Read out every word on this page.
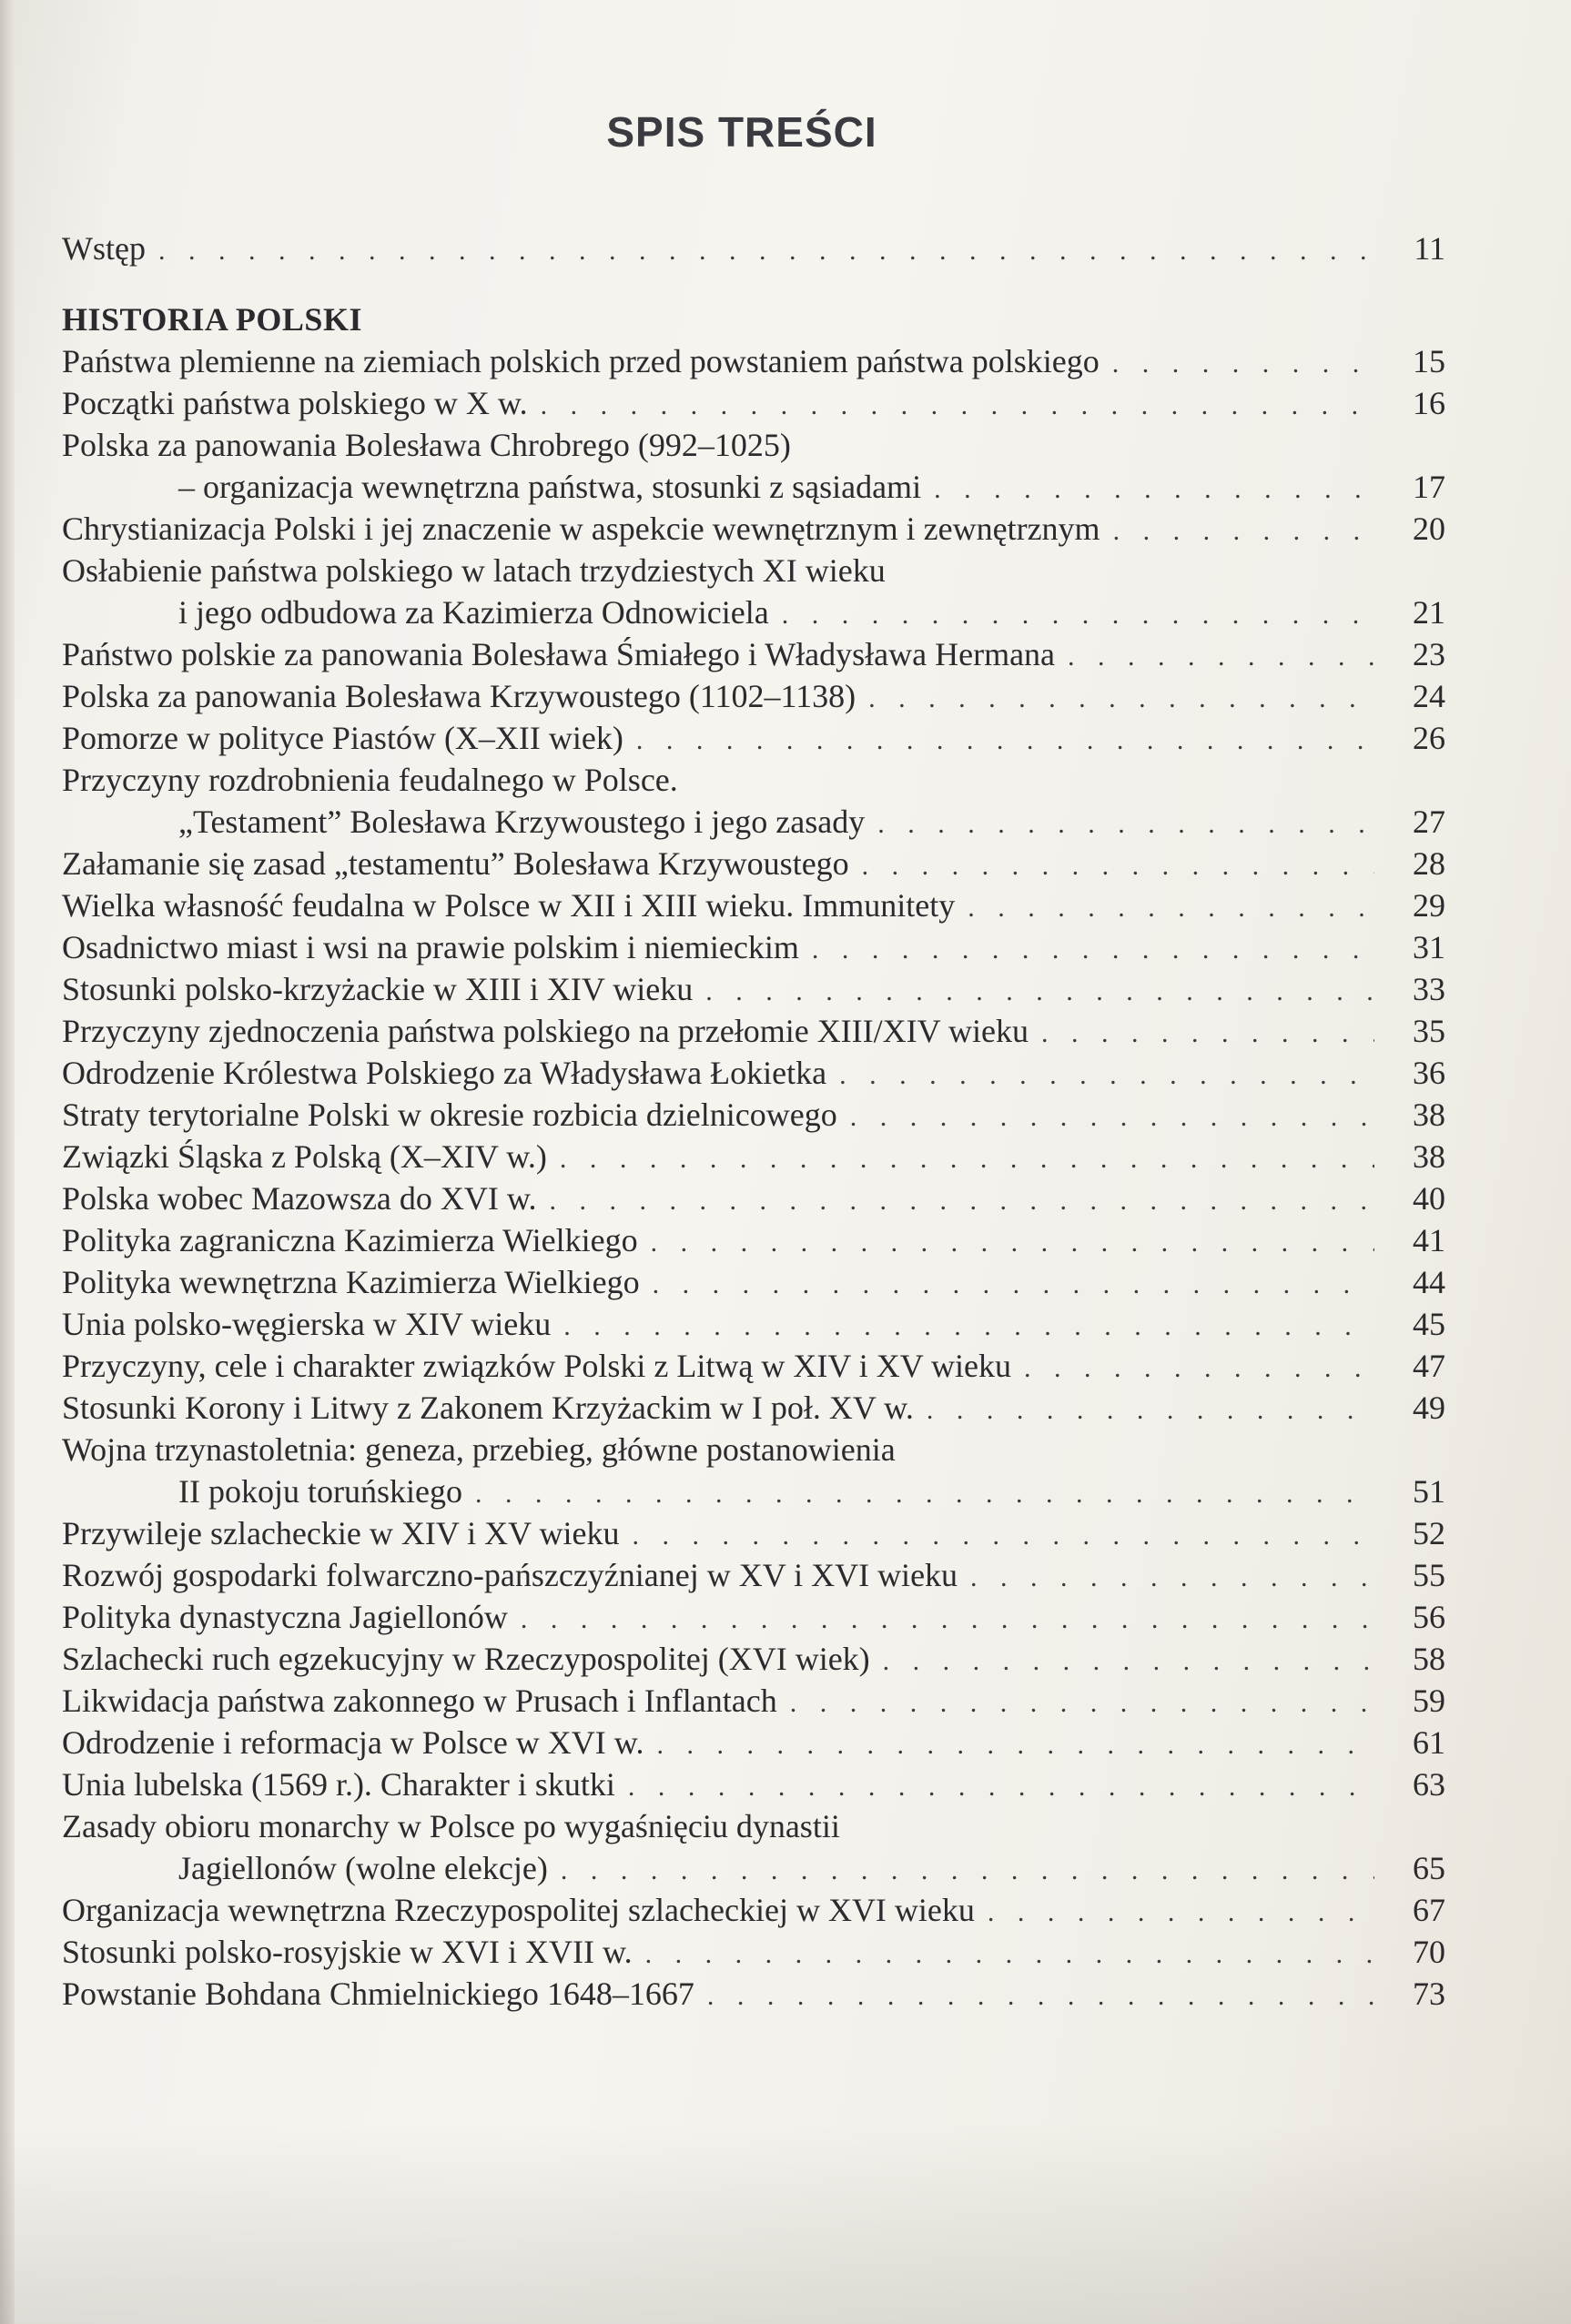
SPIS TREŚCI
Wstęp . . .	11
HISTORIA POLSKI
Państwa plemienne na ziemiach polskich przed powstaniem państwa polskiego . . .	15
Początki państwa polskiego w X w. . . .	16
Polska za panowania Bolesława Chrobrego (992–1025)
– organizacja wewnętrzna państwa, stosunki z sąsiadami . . .	17
Chrystianizacja Polski i jej znaczenie w aspekcie wewnętrznym i zewnętrznym . . .	20
Osłabienie państwa polskiego w latach trzydziestych XI wieku
i jego odbudowa za Kazimierza Odnowiciela . . .	21
Państwo polskie za panowania Bolesława Śmiałego i Władysława Hermana . . .	23
Polska za panowania Bolesława Krzywoustego (1102–1138) . . .	24
Pomorze w polityce Piastów (X–XII wiek) . . .	26
Przyczyny rozdrobnienia feudalnego w Polsce.
„Testament” Bolesława Krzywoustego i jego zasady . . .	27
Załamanie się zasad „testamentu” Bolesława Krzywoustego . . .	28
Wielka własność feudalna w Polsce w XII i XIII wieku. Immunitety . . .	29
Osadnictwo miast i wsi na prawie polskim i niemieckim . . .	31
Stosunki polsko-krzyżackie w XIII i XIV wieku . . .	33
Przyczyny zjednoczenia państwa polskiego na przełomie XIII/XIV wieku . . .	35
Odrodzenie Królestwa Polskiego za Władysława Łokietka . . .	36
Straty terytorialne Polski w okresie rozbicia dzielnicowego . . .	38
Związki Śląska z Polską (X–XIV w.) . . .	38
Polska wobec Mazowsza do XVI w. . . .	40
Polityka zagraniczna Kazimierza Wielkiego . . .	41
Polityka wewnętrzna Kazimierza Wielkiego . . .	44
Unia polsko-węgierska w XIV wieku . . .	45
Przyczyny, cele i charakter związków Polski z Litwą w XIV i XV wieku . . .	47
Stosunki Korony i Litwy z Zakonem Krzyżackim w I poł. XV w. . . .	49
Wojna trzynastoletnia: geneza, przebieg, główne postanowienia
II pokoju toruńskiego . . .	51
Przywileje szlacheckie w XIV i XV wieku . . .	52
Rozwój gospodarki folwarczno-pańszczyźnianej w XV i XVI wieku . . .	55
Polityka dynastyczna Jagiellonów . . .	56
Szlachecki ruch egzekucyjny w Rzeczypospolitej (XVI wiek) . . .	58
Likwidacja państwa zakonnego w Prusach i Inflantach . . .	59
Odrodzenie i reformacja w Polsce w XVI w. . . .	61
Unia lubelska (1569 r.). Charakter i skutki . . .	63
Zasady obioru monarchy w Polsce po wygaśnięciu dynastii
Jagiellonów (wolne elekcje) . . .	65
Organizacja wewnętrzna Rzeczypospolitej szlacheckiej w XVI wieku . . .	67
Stosunki polsko-rosyjskie w XVI i XVII w. . . .	70
Powstanie Bohdana Chmielnickiego 1648–1667 . . .	73
